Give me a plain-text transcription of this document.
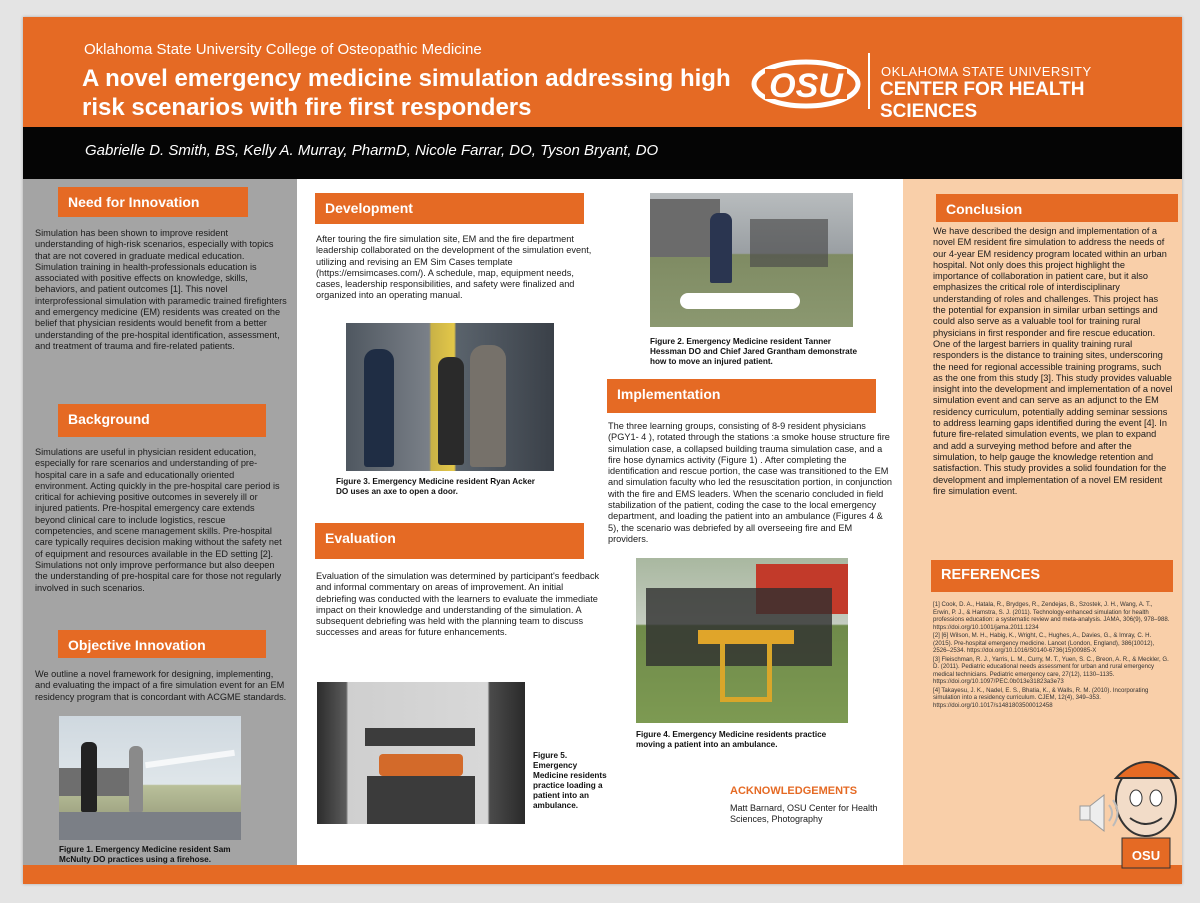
Oklahoma State University College of Osteopathic Medicine
A novel emergency medicine simulation addressing high
risk scenarios with fire first responders
OSU	OKLAHOMA STATE UNIVERSITY
CENTER FOR HEALTH SCIENCES
Gabrielle D. Smith, BS, Kelly A. Murray, PharmD, Nicole Farrar, DO, Tyson Bryant, DO
Need for Innovation
Simulation has been shown to improve resident understanding of high-risk scenarios, especially with topics that are not covered in graduate medical education. Simulation training in health-professionals education is associated with positive effects on knowledge, skills, behaviors, and patient outcomes [1]. This novel interprofessional simulation with paramedic trained firefighters and emergency medicine (EM) residents was created on the belief that physician residents would benefit from a better understanding of the pre-hospital identification, assessment, and treatment of trauma and fire-related patients.
Background
Simulations are useful in physician resident education, especially for rare scenarios and understanding of pre-hospital care in a safe and educationally oriented environment. Acting quickly in the pre-hospital care period is critical for achieving positive outcomes in severely ill or injured patients. Pre-hospital emergency care extends beyond clinical care to include logistics, rescue competencies, and scene management skills. Pre-hospital care typically requires decision making without the safety net of equipment and resources available in the ED setting [2]. Simulations not only improve performance but also deepen the understanding of pre-hospital care for those not regularly involved in such scenarios.
Objective Innovation
We outline a novel framework for designing, implementing, and evaluating the impact of a fire simulation event for an EM residency program that is concordant with ACGME standards.
Figure 1. Emergency Medicine resident Sam McNulty DO practices using a firehose.
Development
After touring the fire simulation site, EM and the fire department leadership collaborated on the development of the simulation event, utilizing and revising an EM Sim Cases template (https://emsimcases.com/). A schedule, map, equipment needs, cases, leadership responsibilities, and safety were finalized and organized into an operating manual.
Figure 3. Emergency Medicine resident Ryan Acker DO uses an axe to open a door.
Evaluation
Evaluation of the simulation was determined by participant's feedback and informal commentary on areas of improvement. An initial debriefing was conducted with the learners to evaluate the immediate impact on their knowledge and understanding of the simulation. A subsequent debriefing was held with the planning team to discuss successes and areas for future enhancements.
Figure 5. Emergency Medicine residents practice loading a patient into an ambulance.
Figure 2. Emergency Medicine resident Tanner Hessman DO and Chief Jared Grantham demonstrate how to move an injured patient.
Implementation
The three learning groups, consisting of 8-9 resident physicians (PGY1- 4 ), rotated through the stations :a smoke house structure fire simulation case, a collapsed building trauma simulation case, and a fire hose dynamics activity (Figure 1) . After completing the identification and rescue portion, the case was transitioned to the EM and simulation faculty who led the resuscitation portion, in conjunction with the fire and EMS leaders. When the scenario concluded in field stabilization of the patient, coding the case to the local emergency department, and loading the patient into an ambulance (Figures 4 & 5), the scenario was debriefed by all overseeing fire and EM providers.
Figure 4. Emergency Medicine residents practice moving a patient into an ambulance.
ACKNOWLEDGEMENTS
Matt Barnard, OSU Center for Health Sciences, Photography
Conclusion
We have described the design and implementation of a novel EM resident fire simulation to address the needs of our 4-year EM residency program located within an urban hospital. Not only does this project highlight the importance of collaboration in patient care, but it also emphasizes the critical role of interdisciplinary understanding of roles and challenges. This project has the potential for expansion in similar urban settings and could also serve as a valuable tool for training rural physicians in first responder and fire rescue education. One of the largest barriers in quality training rural responders is the distance to training sites, underscoring the need for regional accessible training programs, such as the one from this study [3]. This study provides valuable insight into the development and implementation of a novel simulation event and can serve as an adjunct to the EM residency curriculum, potentially adding seminar sessions to address learning gaps identified during the event [4]. In future fire-related simulation events, we plan to expand and add a surveying method before and after the simulation, to help gauge the knowledge retention and satisfaction. This study provides a solid foundation for the development and implementation of a novel EM resident fire simulation event.
REFERENCES

[1] Cook, D. A., Hatala, R., Brydges, R., Zendejas, B., Szostek, J. H., Wang, A. T., Erwin, P. J., & Hamstra, S. J. (2011). Technology-enhanced simulation for health professions education: a systematic review and meta-analysis. JAMA, 306(9), 978–988. https://doi.org/10.1001/jama.2011.1234

[2] [6] Wilson, M. H., Habig, K., Wright, C., Hughes, A., Davies, G., & Imray, C. H. (2015). Pre-hospital emergency medicine. Lancet (London, England), 386(10012), 2526–2534. https://doi.org/10.1016/S0140-6736(15)00985-X

[3] Fleischman, R. J., Yarris, L. M., Curry, M. T., Yuen, S. C., Breon, A. R., & Meckler, G. D. (2011). Pediatric educational needs assessment for urban and rural emergency medical technicians. Pediatric emergency care, 27(12), 1130–1135. https://doi.org/10.1097/PEC.0b013e31823a3e73

[4] Takayesu, J. K., Nadel, E. S., Bhatia, K., & Walls, R. M. (2010). Incorporating simulation into a residency curriculum. CJEM, 12(4), 349–353. https://doi.org/10.1017/s1481803500012458

OSU
